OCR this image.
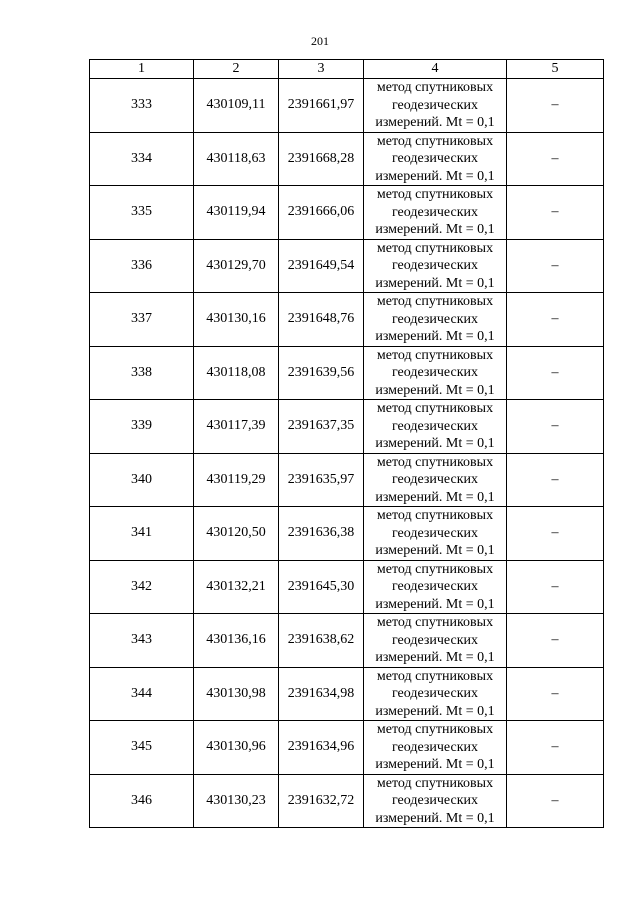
201
1	2	3	4	5
333	430109,11	2391661,97	метод спутниковых
геодезических
измерений. Mt = 0,1	–
334	430118,63	2391668,28	метод спутниковых
геодезических
измерений. Mt = 0,1	–
335	430119,94	2391666,06	метод спутниковых
геодезических
измерений. Mt = 0,1	–
336	430129,70	2391649,54	метод спутниковых
геодезических
измерений. Mt = 0,1	–
337	430130,16	2391648,76	метод спутниковых
геодезических
измерений. Mt = 0,1	–
338	430118,08	2391639,56	метод спутниковых
геодезических
измерений. Mt = 0,1	–
339	430117,39	2391637,35	метод спутниковых
геодезических
измерений. Mt = 0,1	–
340	430119,29	2391635,97	метод спутниковых
геодезических
измерений. Mt = 0,1	–
341	430120,50	2391636,38	метод спутниковых
геодезических
измерений. Mt = 0,1	–
342	430132,21	2391645,30	метод спутниковых
геодезических
измерений. Mt = 0,1	–
343	430136,16	2391638,62	метод спутниковых
геодезических
измерений. Mt = 0,1	–
344	430130,98	2391634,98	метод спутниковых
геодезических
измерений. Mt = 0,1	–
345	430130,96	2391634,96	метод спутниковых
геодезических
измерений. Mt = 0,1	–
346	430130,23	2391632,72	метод спутниковых
геодезических
измерений. Mt = 0,1	–
